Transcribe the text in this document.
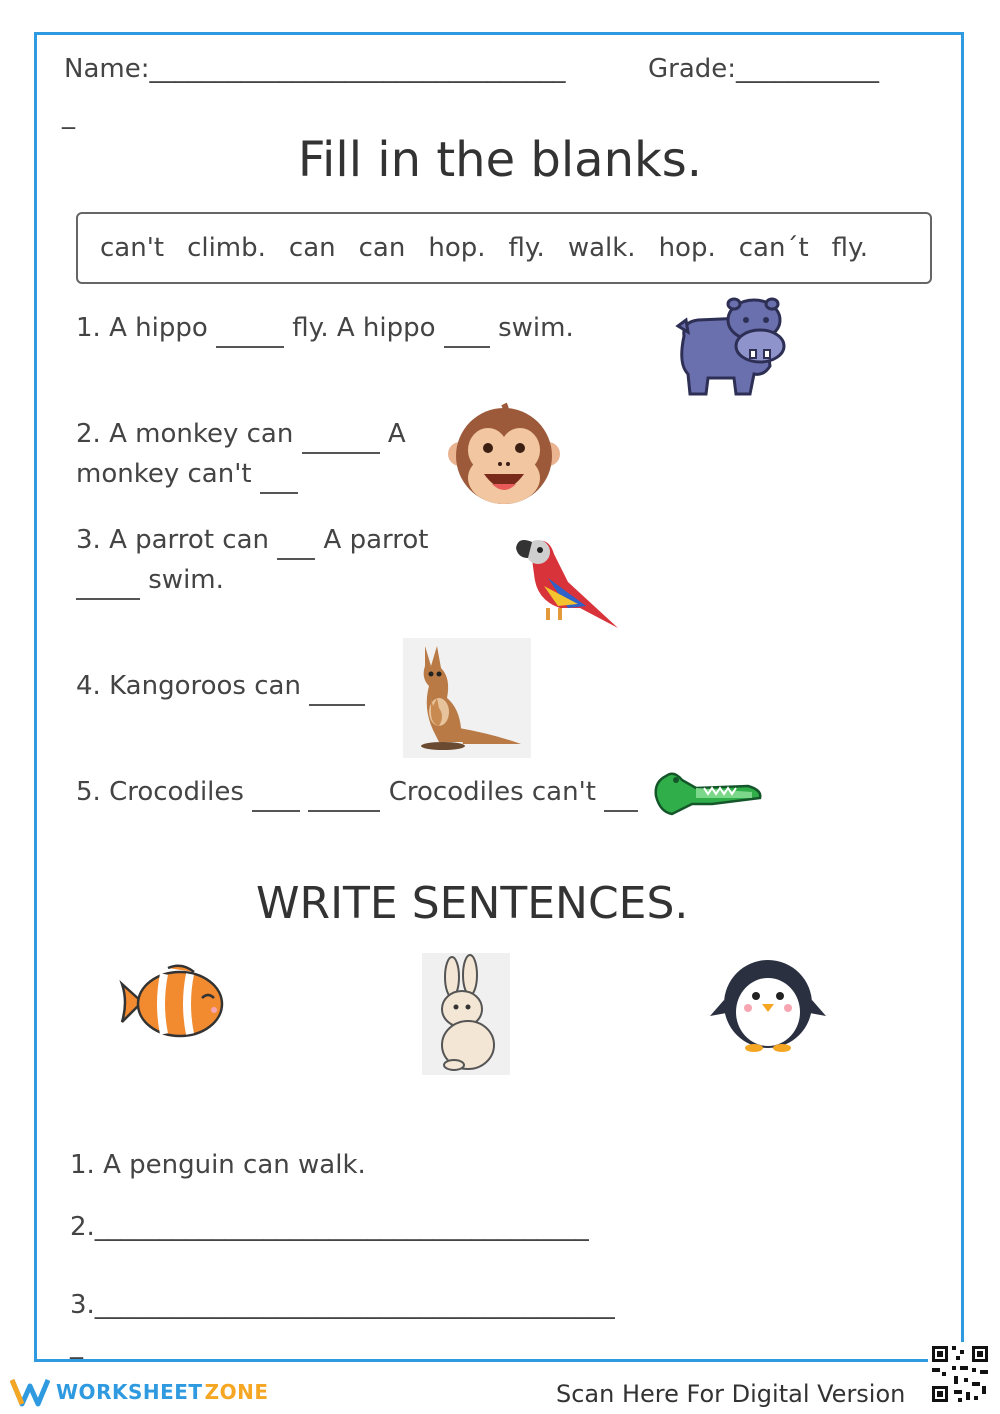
Name:________________________________	Grade:___________
_
Fill in the blanks.
can't climb. can can hop. fly. walk. hop. can´t fly.
1. A hippo	fly. A hippo swim.
2. A monkey can	A
monkey can't
3. A parrot can A parrot
swim.
4. Kangoroos can
5. Crocodiles	Crocodiles can't
WRITE SENTENCES.
1. A penguin can walk.
2.______________________________________
3.________________________________________
_
WORKSHEET ZONE	Scan Here For Digital Version
